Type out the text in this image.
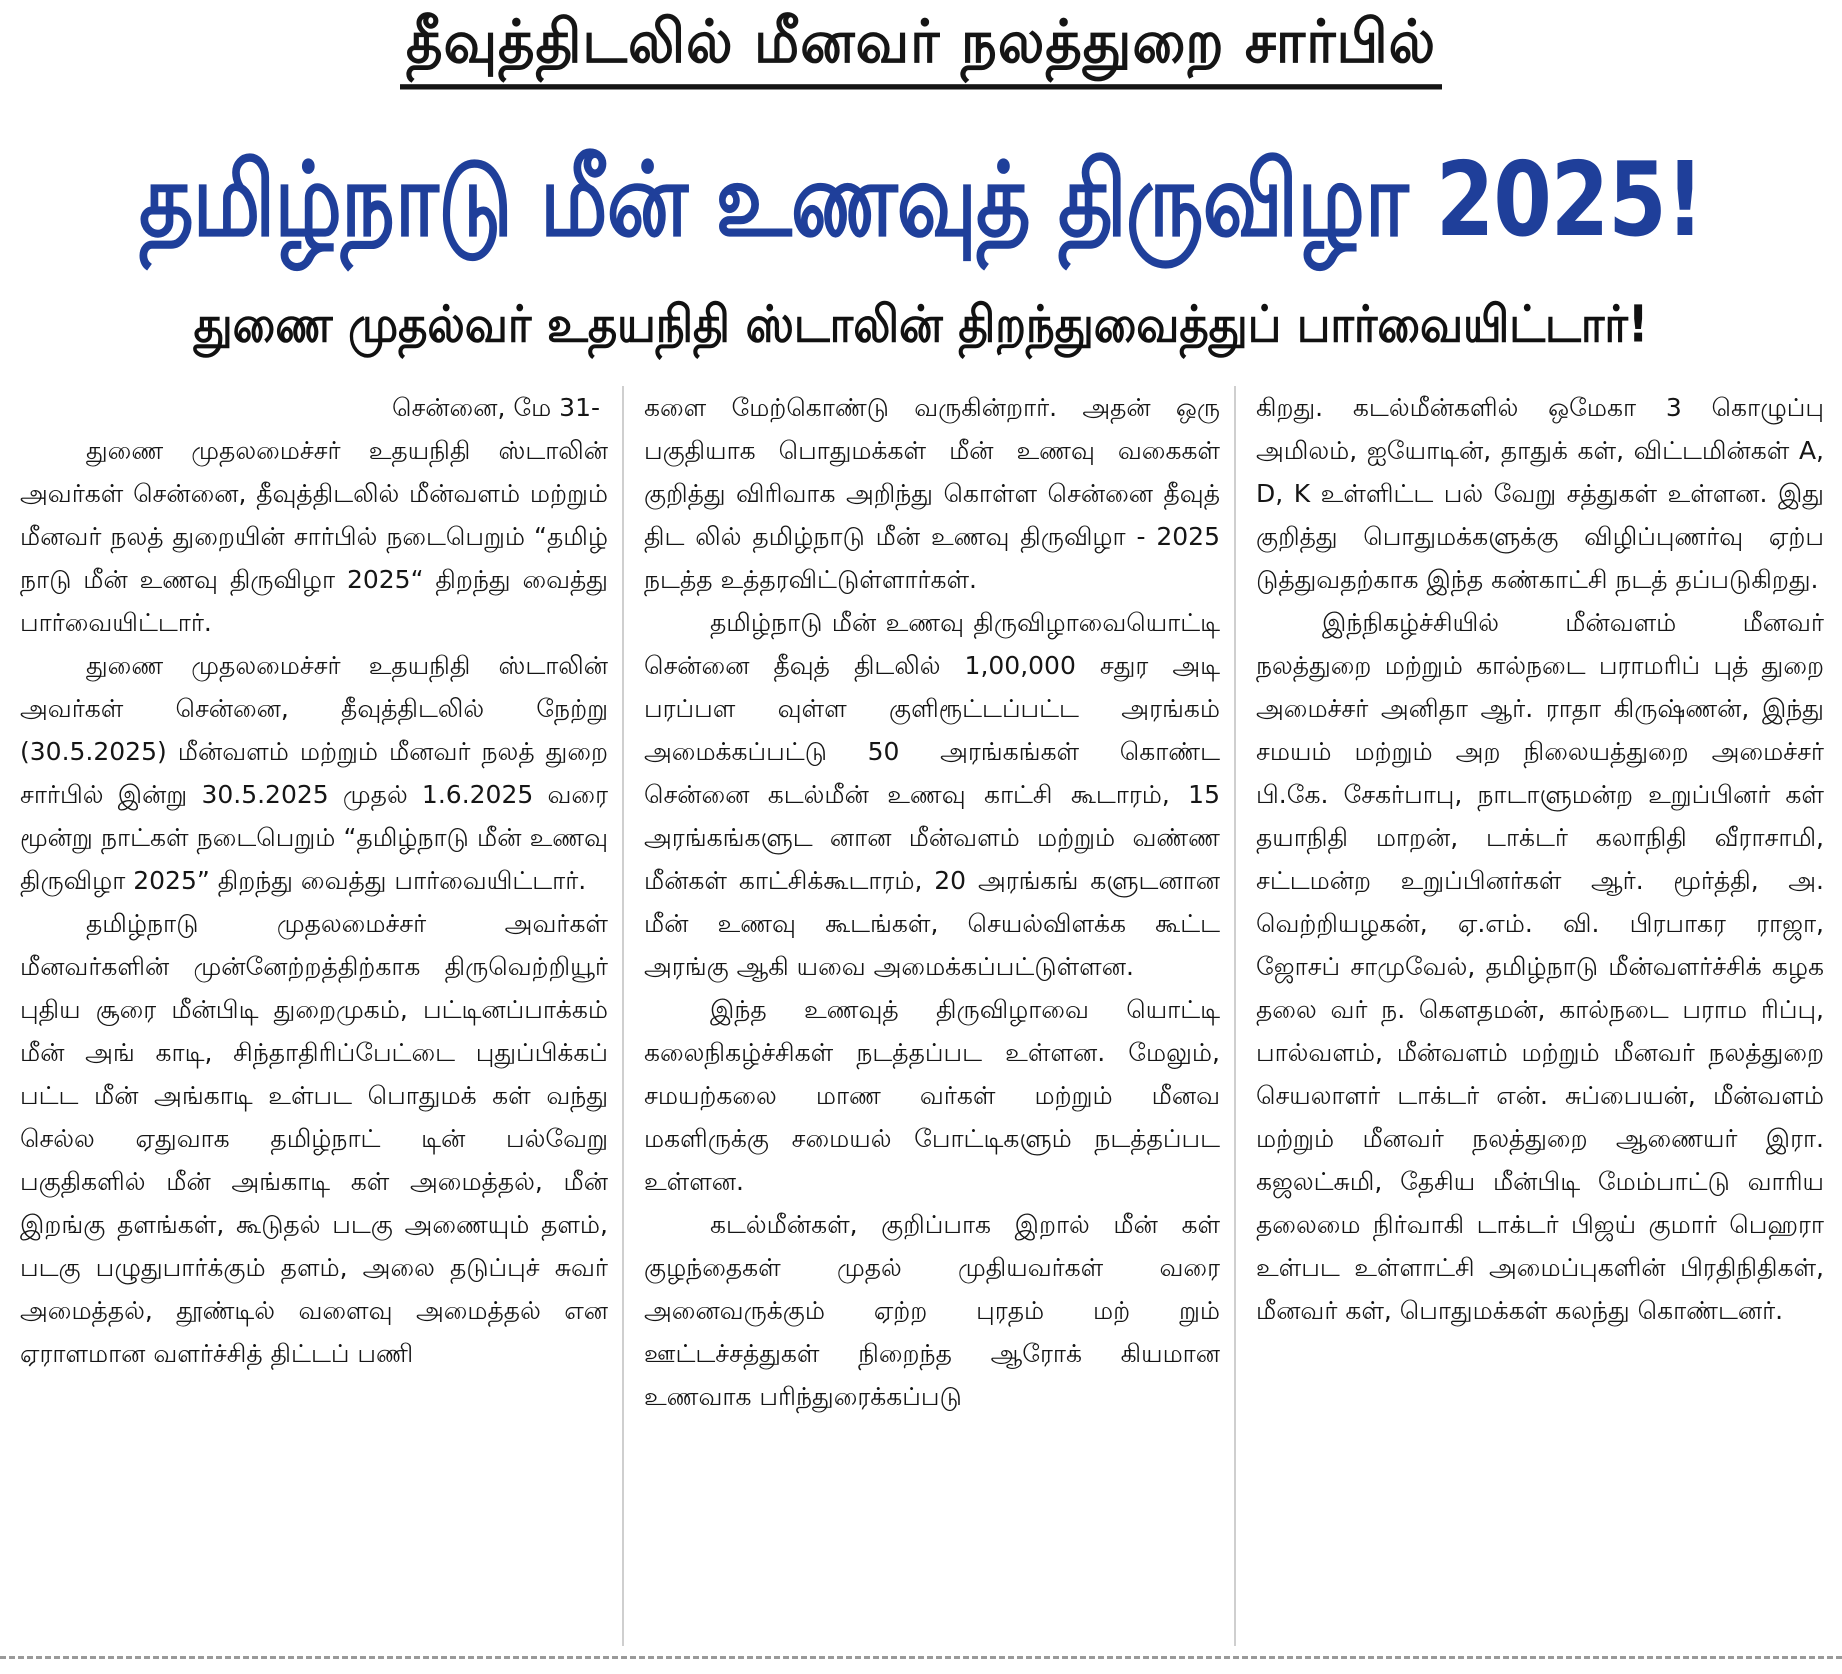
தீவுத்திடலில் மீனவர் நலத்துறை சார்பில்
தமிழ்நாடு மீன் உணவுத் திருவிழா 2025!
துணை முதல்வர் உதயநிதி ஸ்டாலின் திறந்துவைத்துப் பார்வையிட்டார்!
சென்னை, மே 31-

துணை முதலமைச்சர் உதயநிதி ஸ்டாலின் அவர்கள் சென்னை, தீவுத்திடலில் மீன்வளம் மற்றும் மீனவர் நலத் துறையின் சார்பில் நடைபெறும் “தமிழ் நாடு மீன் உணவு திருவிழா 2025“ திறந்து வைத்து பார்வையிட்டார்.

துணை முதலமைச்சர் உதயநிதி ஸ்டாலின் அவர்கள் சென்னை, தீவுத்திடலில் நேற்று (30.5.2025) மீன்வளம் மற்றும் மீனவர் நலத் துறை சார்பில் இன்று 30.5.2025 முதல் 1.6.2025 வரை மூன்று நாட்கள் நடைபெறும் “தமிழ்நாடு மீன் உணவு திருவிழா 2025” திறந்து வைத்து பார்வையிட்டார்.

தமிழ்நாடு முதலமைச்சர் அவர்கள் மீனவர்களின் முன்னேற்றத்திற்காக திருவெற்றியூர் புதிய சூரை மீன்பிடி துறைமுகம், பட்டினப்பாக்கம் மீன் அங் காடி, சிந்தாதிரிப்பேட்டை புதுப்பிக்கப் பட்ட மீன் அங்காடி உள்பட பொதுமக் கள் வந்து செல்ல ஏதுவாக தமிழ்நாட் டின் பல்வேறு பகுதிகளில் மீன் அங்காடி கள் அமைத்தல், மீன் இறங்கு தளங்கள், கூடுதல் படகு அணையும் தளம், படகு பழுதுபார்க்கும் தளம், அலை தடுப்புச் சுவர் அமைத்தல், தூண்டில் வளைவு அமைத்தல் என ஏராளமான வளர்ச்சித் திட்டப் பணி

களை மேற்கொண்டு வருகின்றார். அதன் ஒரு பகுதியாக பொதுமக்கள் மீன் உணவு வகைகள் குறித்து விரிவாக அறிந்து கொள்ள சென்னை தீவுத் திட லில் தமிழ்நாடு மீன் உணவு திருவிழா - 2025 நடத்த உத்தரவிட்டுள்ளார்கள்.

தமிழ்நாடு மீன் உணவு திருவிழாவையொட்டி சென்னை தீவுத் திடலில் 1,00,000 சதுர அடி பரப்பள வுள்ள குளிரூட்டப்பட்ட அரங்கம் அமைக்கப்பட்டு 50 அரங்கங்கள் கொண்ட சென்னை கடல்மீன் உணவு காட்சி கூடாரம், 15 அரங்கங்களுட னான மீன்வளம் மற்றும் வண்ண மீன்கள் காட்சிக்கூடாரம், 20 அரங்கங் களுடனான மீன் உணவு கூடங்கள், செயல்விளக்க கூட்ட அரங்கு ஆகி யவை அமைக்கப்பட்டுள்ளன.

இந்த உணவுத் திருவிழாவை யொட்டி கலைநிகழ்ச்சிகள் நடத்தப்பட உள்ளன. மேலும், சமயற்கலை மாண வர்கள் மற்றும் மீனவ மகளிருக்கு சமையல் போட்டிகளும் நடத்தப்பட உள்ளன.

கடல்மீன்கள், குறிப்பாக இறால் மீன் கள் குழந்தைகள் முதல் முதியவர்கள் வரை அனைவருக்கும் ஏற்ற புரதம் மற் றும் ஊட்டச்சத்துகள் நிறைந்த ஆரோக் கியமான உணவாக பரிந்துரைக்கப்படு

கிறது. கடல்மீன்களில் ஒமேகா 3 கொழுப்பு அமிலம், ஐயோடின், தாதுக் கள், விட்டமின்கள் A, D, K உள்ளிட்ட பல் வேறு சத்துகள் உள்ளன. இது குறித்து பொதுமக்களுக்கு விழிப்புணர்வு ஏற்ப டுத்துவதற்காக இந்த கண்காட்சி நடத் தப்படுகிறது.

இந்நிகழ்ச்சியில் மீன்வளம் மீனவர் நலத்துறை மற்றும் கால்நடை பராமரிப் புத் துறை அமைச்சர் அனிதா ஆர். ராதா கிருஷ்ணன், இந்து சமயம் மற்றும் அற நிலையத்துறை அமைச்சர் பி.கே. சேகர்பாபு, நாடாளுமன்ற உறுப்பினர் கள் தயாநிதி மாறன், டாக்டர் கலாநிதி வீராசாமி, சட்டமன்ற உறுப்பினர்கள் ஆர். மூர்த்தி, அ. வெற்றியழகன், ஏ.எம். வி. பிரபாகர ராஜா, ஜோசப் சாமுவேல், தமிழ்நாடு மீன்வளர்ச்சிக் கழக தலை வர் ந. கௌதமன், கால்நடை பராம ரிப்பு, பால்வளம், மீன்வளம் மற்றும் மீனவர் நலத்துறை செயலாளர் டாக்டர் என். சுப்பையன், மீன்வளம் மற்றும் மீனவர் நலத்துறை ஆணையர் இரா. கஜலட்சுமி, தேசிய மீன்பிடி மேம்பாட்டு வாரிய தலைமை நிர்வாகி டாக்டர் பிஜய் குமார் பெஹரா உள்பட உள்ளாட்சி அமைப்புகளின் பிரதிநிதிகள், மீனவர் கள், பொதுமக்கள் கலந்து கொண்டனர்.
